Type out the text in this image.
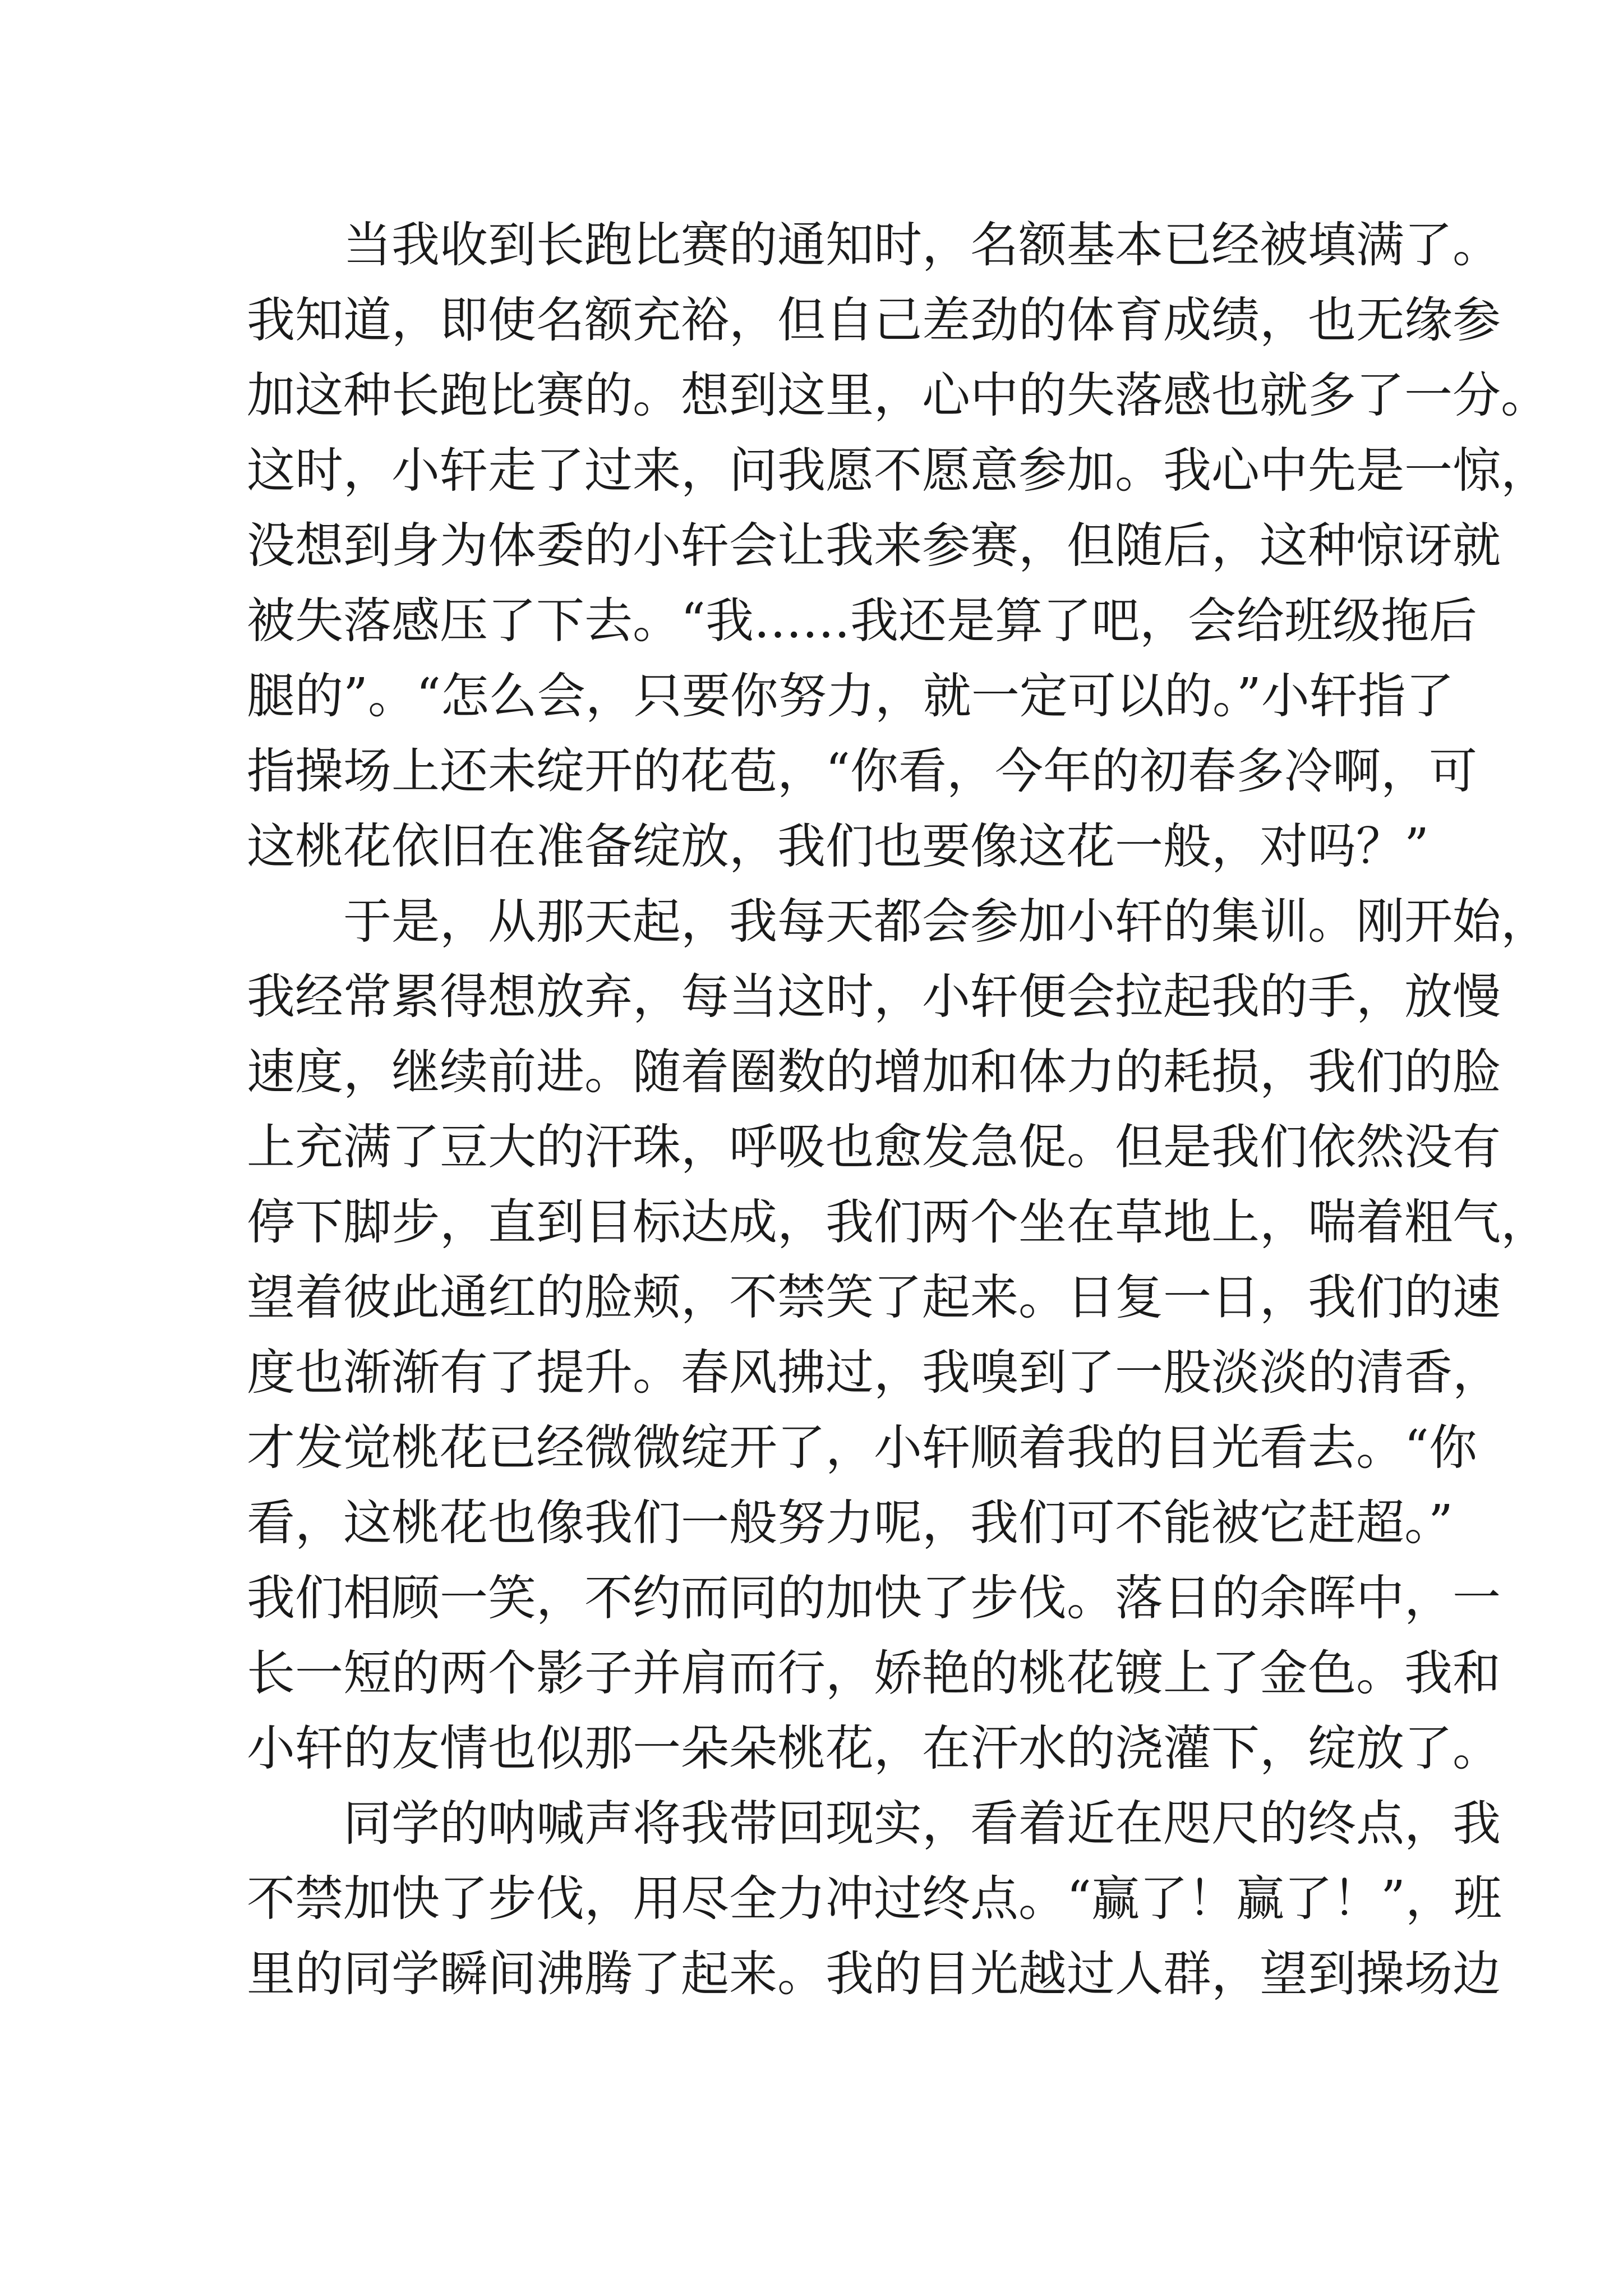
当我收到长跑比赛的通知时，名额基本已经被填满了。
我知道，即使名额充裕，但自己差劲的体育成绩，也无缘参
加这种长跑比赛的。想到这里，心中的失落感也就多了一分。
这时，小轩走了过来，问我愿不愿意参加。我心中先是一惊，
没想到身为体委的小轩会让我来参赛，但随后，这种惊讶就
被失落感压了下去。“我……我还是算了吧，会给班级拖后
腿的”。“怎么会，只要你努力，就一定可以的。”小轩指了
指操场上还未绽开的花苞，“你看，今年的初春多冷啊，可
这桃花依旧在准备绽放，我们也要像这花一般，对吗？”
于是，从那天起，我每天都会参加小轩的集训。刚开始，
我经常累得想放弃，每当这时，小轩便会拉起我的手，放慢
速度，继续前进。随着圈数的增加和体力的耗损，我们的脸
上充满了豆大的汗珠，呼吸也愈发急促。但是我们依然没有
停下脚步，直到目标达成，我们两个坐在草地上，喘着粗气，
望着彼此通红的脸颊，不禁笑了起来。日复一日，我们的速
度也渐渐有了提升。春风拂过，我嗅到了一股淡淡的清香，
才发觉桃花已经微微绽开了，小轩顺着我的目光看去。“你
看，这桃花也像我们一般努力呢，我们可不能被它赶超。”
我们相顾一笑，不约而同的加快了步伐。落日的余晖中，一
长一短的两个影子并肩而行，娇艳的桃花镀上了金色。我和
小轩的友情也似那一朵朵桃花，在汗水的浇灌下，绽放了。
同学的呐喊声将我带回现实，看着近在咫尺的终点，我
不禁加快了步伐，用尽全力冲过终点。“赢了！赢了！”，班
里的同学瞬间沸腾了起来。我的目光越过人群，望到操场边
